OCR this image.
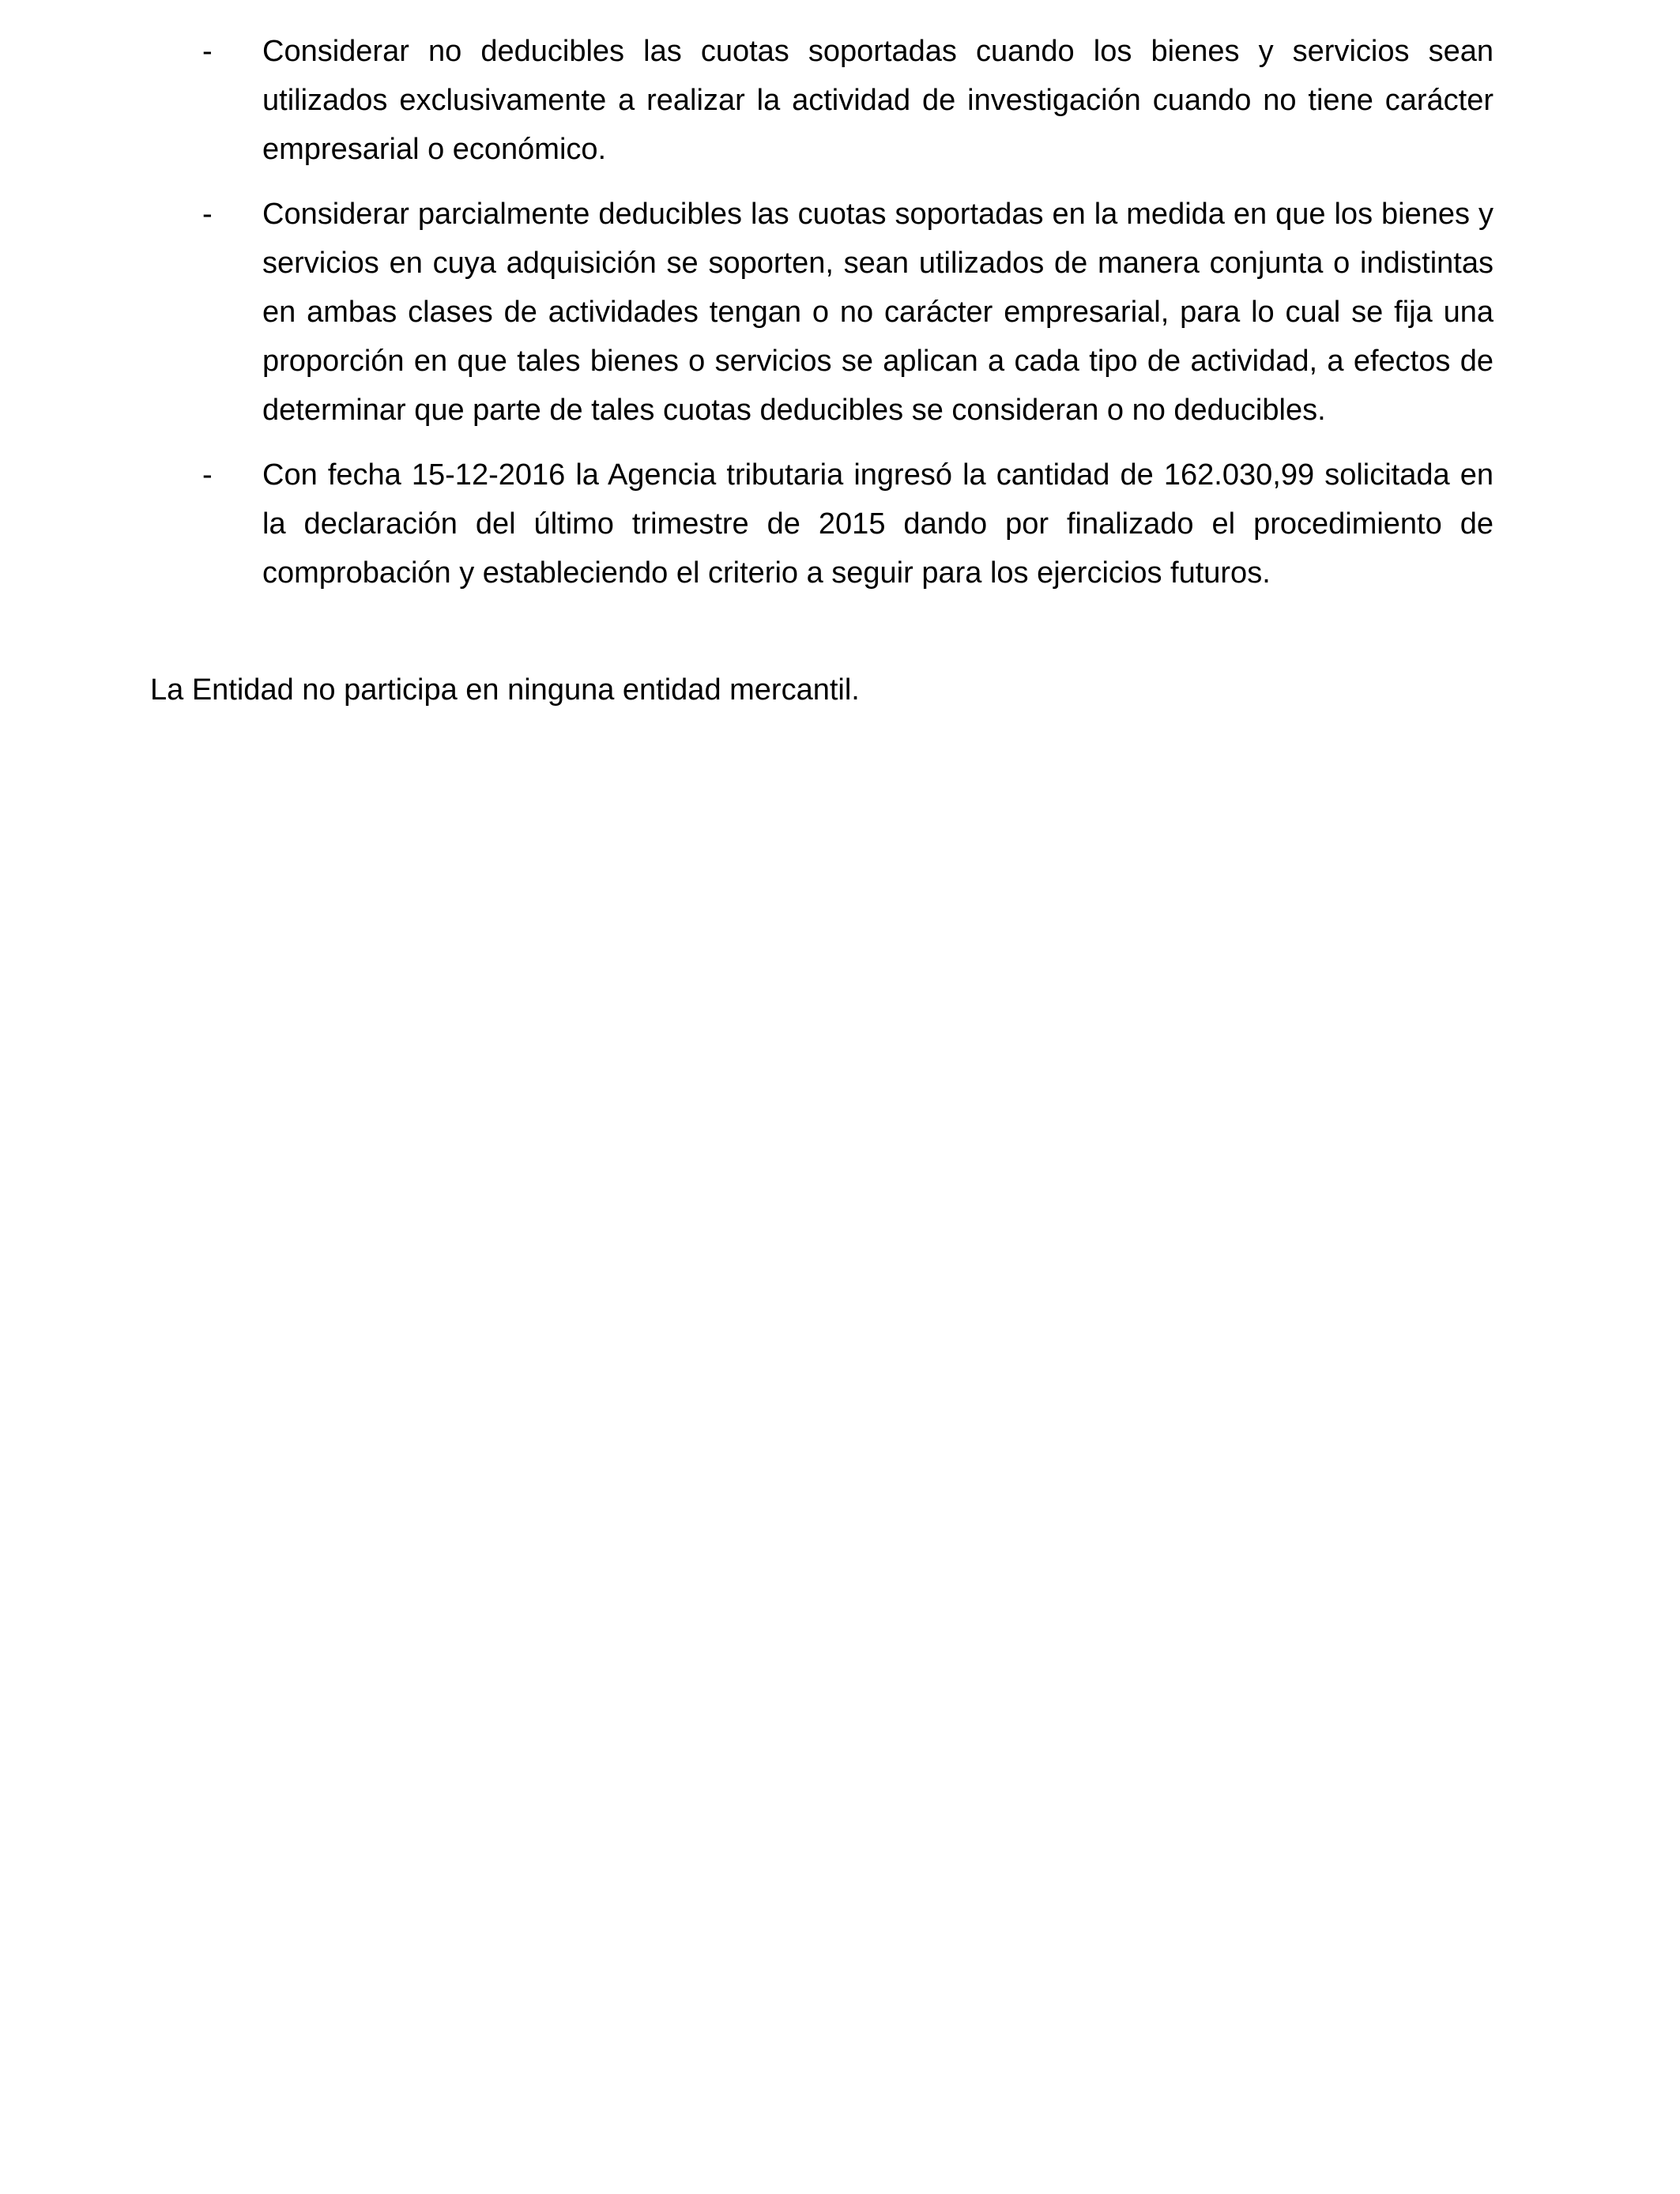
-	Considerar no deducibles las cuotas soportadas cuando los bienes y servicios sean utilizados exclusivamente a realizar la actividad de investigación cuando no tiene carácter empresarial o económico.
-	Considerar parcialmente deducibles las cuotas soportadas en la medida en que los bienes y servicios en cuya adquisición se soporten, sean utilizados de manera conjunta o indistintas en ambas clases de actividades tengan o no carácter empresarial, para lo cual se fija una proporción en que tales bienes o servicios se aplican a cada tipo de actividad, a efectos de determinar que parte de tales cuotas deducibles se consideran o no deducibles.
-	Con fecha 15-12-2016 la Agencia tributaria ingresó la cantidad de 162.030,99 solicitada en la declaración del último trimestre de 2015 dando por finalizado el procedimiento de comprobación y estableciendo el criterio a seguir para los ejercicios futuros.

La Entidad no participa en ninguna entidad mercantil.
